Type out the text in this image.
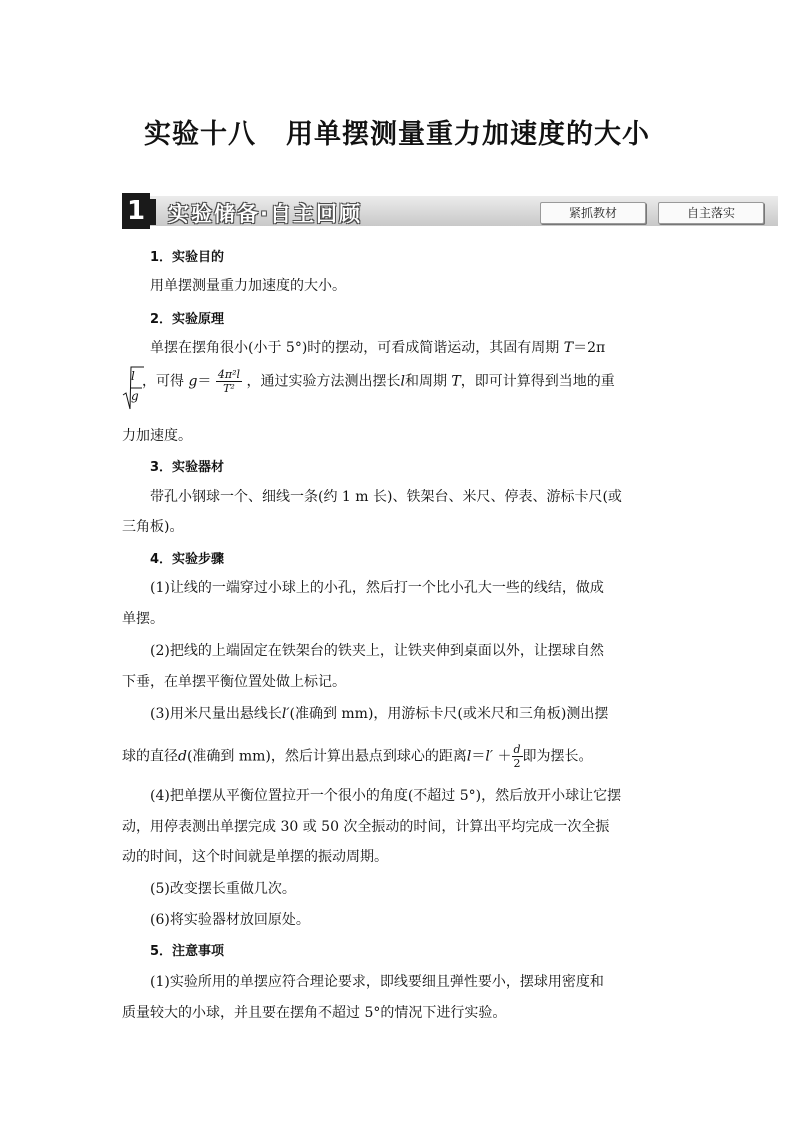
实验十八 用单摆测量重力加速度的大小
1 实验储备·自主回顾	紧抓教材	自主落实
1．实验目的
用单摆测量重力加速度的大小。
2．实验原理
单摆在摆角很小(小于 5°)时的摆动，可看成简谐运动，其固有周期 T＝2π
l
g
，可得 $g= \frac{\text{4π²l}}{\text{T²}}$ ，通过实验方法测出摆长l和周期 T，即可计算得到当地的重
力加速度。
3．实验器材
带孔小钢球一个、细线一条(约 1 m 长)、铁架台、米尺、停表、游标卡尺(或
三角板)。
4．实验步骤
(1)让线的一端穿过小球上的小孔，然后打一个比小孔大一些的线结，做成
单摆。
(2)把线的上端固定在铁架台的铁夹上，让铁夹伸到桌面以外，让摆球自然
下垂，在单摆平衡位置处做上标记。
(3)用米尺量出悬线长l′(准确到 mm)，用游标卡尺(或米尺和三角板)测出摆
球的直径d(准确到 mm)，然后计算出悬点到球心的距离$l=l' + \frac{d}{2}$ 即为摆长。
(4)把单摆从平衡位置拉开一个很小的角度(不超过 5°)，然后放开小球让它摆
动，用停表测出单摆完成 30 或 50 次全振动的时间，计算出平均完成一次全振
动的时间，这个时间就是单摆的振动周期。
(5)改变摆长重做几次。
(6)将实验器材放回原处。
5．注意事项
(1)实验所用的单摆应符合理论要求，即线要细且弹性要小，摆球用密度和
质量较大的小球，并且要在摆角不超过 5°的情况下进行实验。
